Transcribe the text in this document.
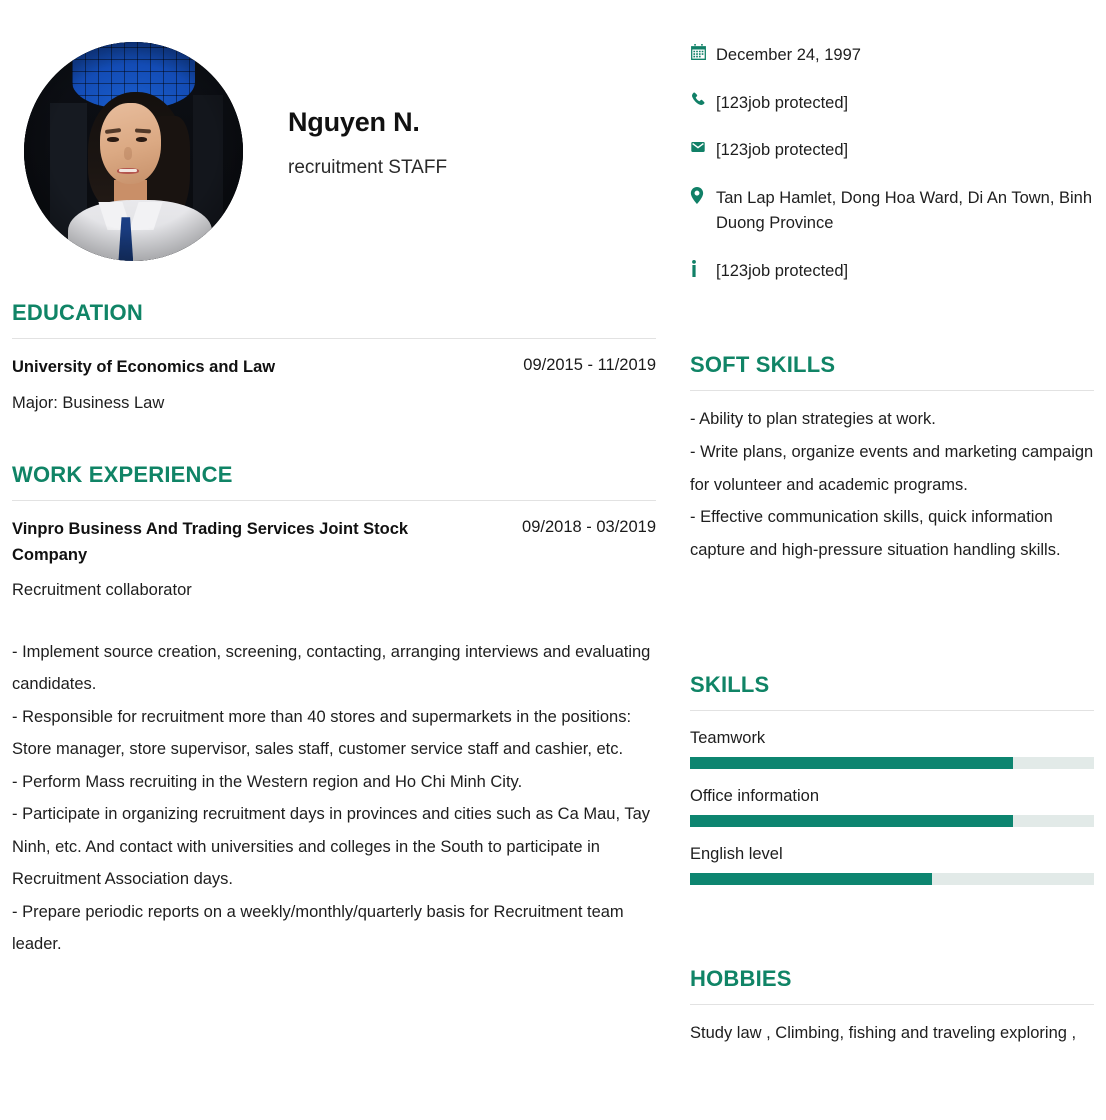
Nguyen N.
recruitment STAFF
EDUCATION
University of Economics and Law	09/2015 - 11/2019
Major: Business Law
WORK EXPERIENCE
Vinpro Business And Trading Services Joint Stock Company
09/2018 - 03/2019
Recruitment collaborator

- Implement source creation, screening, contacting, arranging interviews and evaluating candidates.

- Responsible for recruitment more than 40 stores and supermarkets in the positions: Store manager, store supervisor, sales staff, customer service staff and cashier, etc.

- Perform Mass recruiting in the Western region and Ho Chi Minh City.

- Participate in organizing recruitment days in provinces and cities such as Ca Mau, Tay Ninh, etc. And contact with universities and colleges in the South to participate in Recruitment Association days.

- Prepare periodic reports on a weekly/monthly/quarterly basis for Recruitment team leader.

December 24, 1997
[123job protected]
[123job protected]
Tan Lap Hamlet, Dong Hoa Ward, Di An Town, Binh Duong Province
[123job protected]
SOFT SKILLS

- Ability to plan strategies at work.

- Write plans, organize events and marketing campaign for volunteer and academic programs.

- Effective communication skills, quick information capture and high-pressure situation handling skills.

SKILLS
Teamwork
Office information
English level
HOBBIES
Study law , Climbing, fishing and traveling exploring ,
